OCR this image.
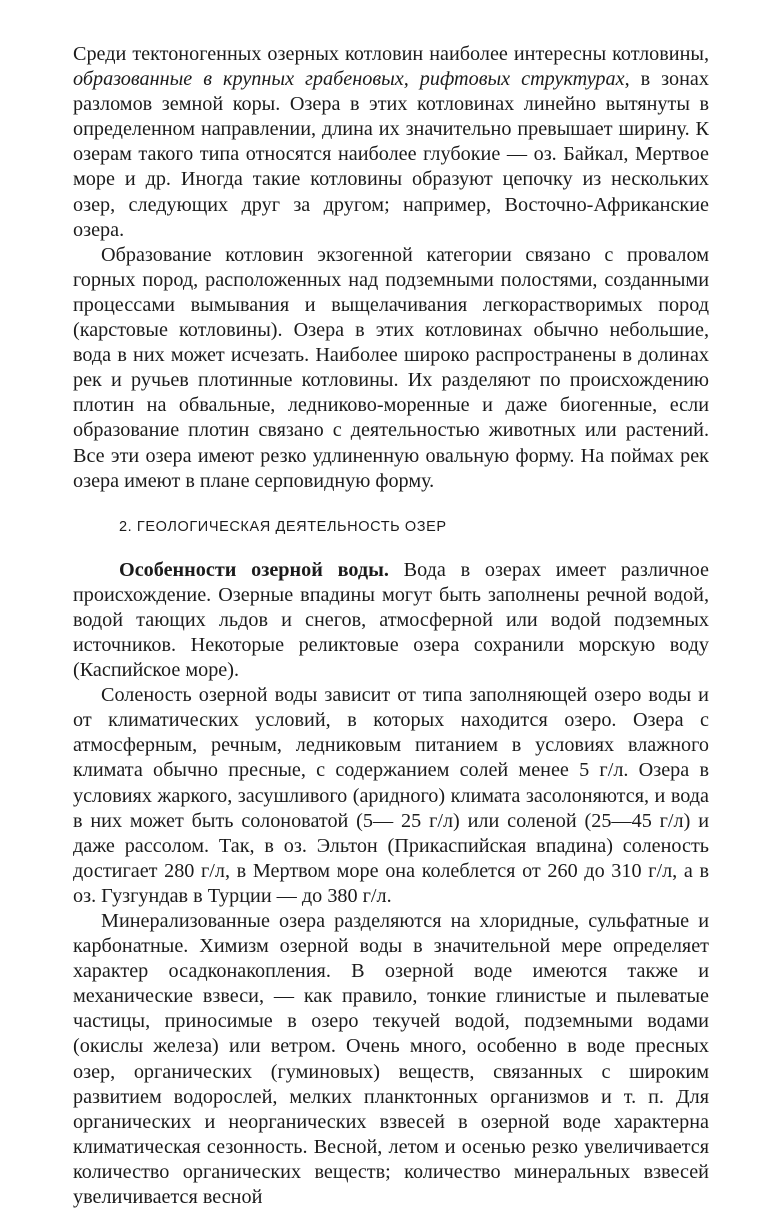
Среди тектоногенных озерных котловин наиболее интересны котловины, образованные в крупных грабеновых, рифтовых структурах, в зонах разломов земной коры. Озера в этих котловинах линейно вытянуты в определенном направлении, длина их значительно превышает ширину. К озерам такого типа относятся наиболее глубокие — оз. Байкал, Мертвое море и др. Иногда такие котловины образуют цепочку из нескольких озер, следующих друг за другом; например, Восточно-Африканские озера.

Образование котловин экзогенной категории связано с провалом горных пород, расположенных над подземными полостями, созданными процессами вымывания и выщелачивания легкорастворимых пород (карстовые котловины). Озера в этих котловинах обычно небольшие, вода в них может исчезать. Наиболее широко распространены в долинах рек и ручьев плотинные котловины. Их разделяют по происхождению плотин на обвальные, ледниково-моренные и даже биогенные, если образование плотин связано с деятельностью животных или растений. Все эти озера имеют резко удлиненную овальную форму. На поймах рек озера имеют в плане серповидную форму.

2. ГЕОЛОГИЧЕСКАЯ ДЕЯТЕЛЬНОСТЬ ОЗЕР

Особенности озерной воды. Вода в озерах имеет различное происхождение. Озерные впадины могут быть заполнены речной водой, водой тающих льдов и снегов, атмосферной или водой подземных источников. Некоторые реликтовые озера сохранили морскую воду (Каспийское море).

Соленость озерной воды зависит от типа заполняющей озеро воды и от климатических условий, в которых находится озеро. Озера с атмосферным, речным, ледниковым питанием в условиях влажного климата обычно пресные, с содержанием солей менее 5 г/л. Озера в условиях жаркого, засушливого (аридного) климата засолоняются, и вода в них может быть солоноватой (5— 25 г/л) или соленой (25—45 г/л) и даже рассолом. Так, в оз. Эльтон (Прикаспийская впадина) соленость достигает 280 г/л, в Мертвом море она колеблется от 260 до 310 г/л, а в оз. Гузгундав в Турции — до 380 г/л.

Минерализованные озера разделяются на хлоридные, сульфатные и карбонатные. Химизм озерной воды в значительной мере определяет характер осадконакопления. В озерной воде имеются также и механические взвеси, — как правило, тонкие глинистые и пылеватые частицы, приносимые в озеро текучей водой, подземными водами (окислы железа) или ветром. Очень много, особенно в воде пресных озер, органических (гуминовых) веществ, связанных с широким развитием водорослей, мелких планктонных организмов и т. п. Для органических и неорганических взвесей в озерной воде характерна климатическая сезонность. Весной, летом и осенью резко увеличивается количество органических веществ; количество минеральных взвесей увеличивается весной
